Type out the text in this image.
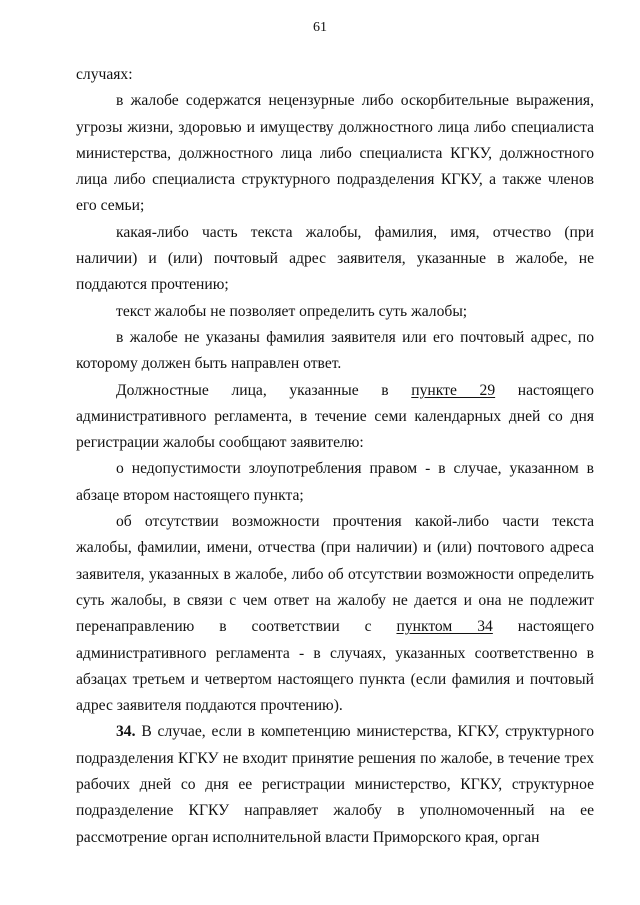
61

случаях:

в жалобе содержатся нецензурные либо оскорбительные выражения, угрозы жизни, здоровью и имуществу должностного лица либо специалиста министерства, должностного лица либо специалиста КГКУ, должностного лица либо специалиста структурного подразделения КГКУ, а также членов его семьи;

какая-либо часть текста жалобы, фамилия, имя, отчество (при наличии) и (или) почтовый адрес заявителя, указанные в жалобе, не поддаются прочтению;

текст жалобы не позволяет определить суть жалобы;

в жалобе не указаны фамилия заявителя или его почтовый адрес, по которому должен быть направлен ответ.

Должностные лица, указанные в пункте 29 настоящего административного регламента, в течение семи календарных дней со дня регистрации жалобы сообщают заявителю:

о недопустимости злоупотребления правом - в случае, указанном в абзаце втором настоящего пункта;

об отсутствии возможности прочтения какой-либо части текста жалобы, фамилии, имени, отчества (при наличии) и (или) почтового адреса заявителя, указанных в жалобе, либо об отсутствии возможности определить суть жалобы, в связи с чем ответ на жалобу не дается и она не подлежит перенаправлению в соответствии с пунктом 34 настоящего административного регламента - в случаях, указанных соответственно в абзацах третьем и четвертом настоящего пункта (если фамилия и почтовый адрес заявителя поддаются прочтению).

34. В случае, если в компетенцию министерства, КГКУ, структурного подразделения КГКУ не входит принятие решения по жалобе, в течение трех рабочих дней со дня ее регистрации министерство, КГКУ, структурное подразделение КГКУ направляет жалобу в уполномоченный на ее рассмотрение орган исполнительной власти Приморского края, орган
